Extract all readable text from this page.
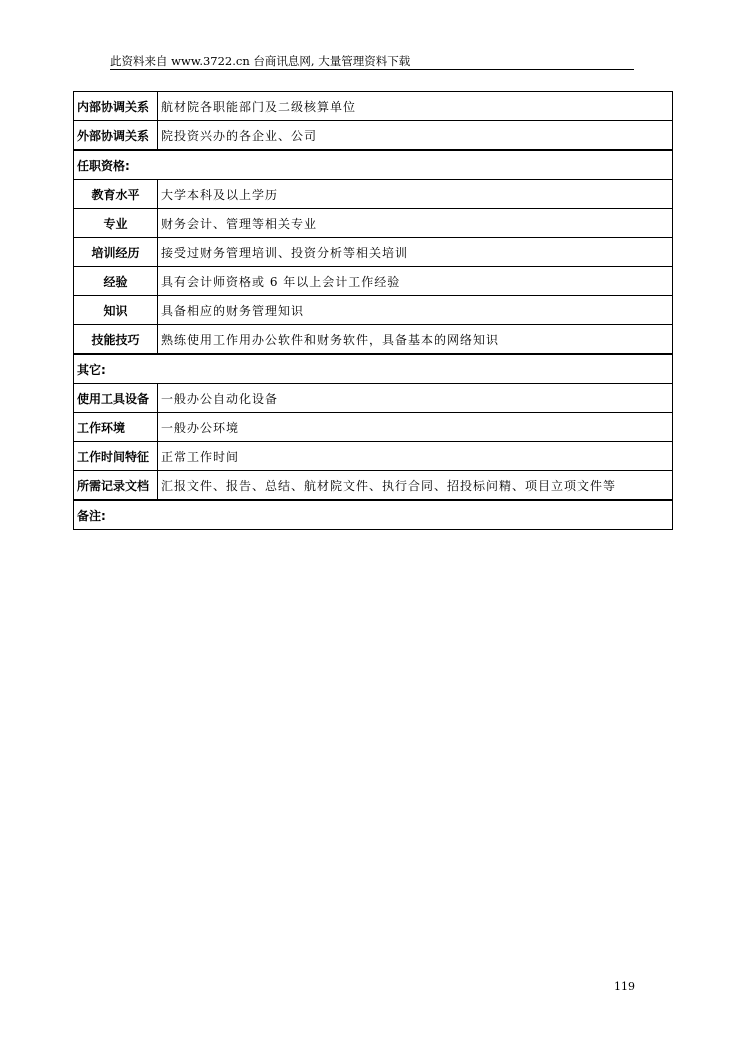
此资料来自 www.3722.cn 台商讯息网, 大量管理资料下载
内部协调关系	航材院各职能部门及二级核算单位
外部协调关系	院投资兴办的各企业、公司
任职资格:	
教育水平	大学本科及以上学历
专业	财务会计、管理等相关专业
培训经历	接受过财务管理培训、投资分析等相关培训
经验	具有会计师资格或 6 年以上会计工作经验
知识	具备相应的财务管理知识
技能技巧	熟练使用工作用办公软件和财务软件，具备基本的网络知识
其它:	
使用工具设备	一般办公自动化设备
工作环境	一般办公环境
工作时间特征	正常工作时间
所需记录文档	汇报文件、报告、总结、航材院文件、执行合同、招投标问精、项目立项文件等
备注:	
119
